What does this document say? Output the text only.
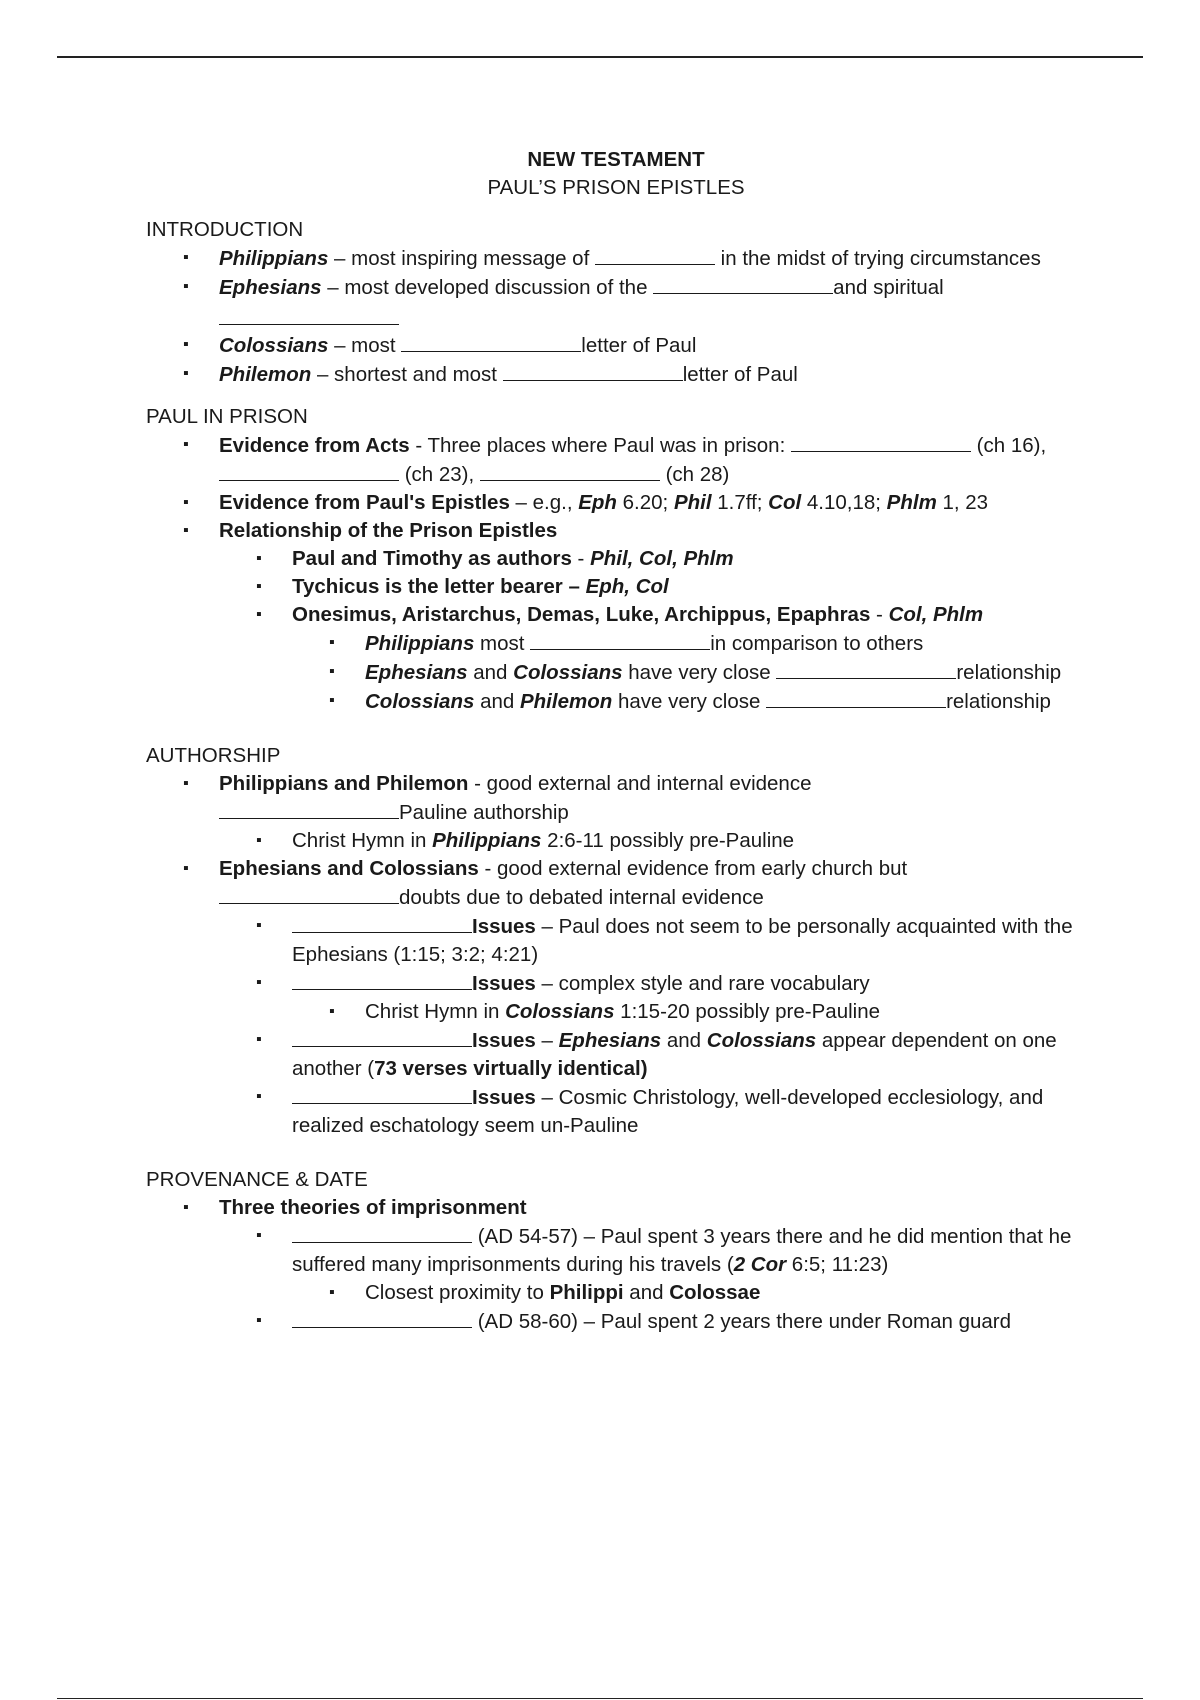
NEW TESTAMENT
PAUL’S PRISON EPISTLES
INTRODUCTION
▪ Philippians – most inspiring message of	in the midst of trying circumstances
▪ Ephesians – most developed discussion of the	and spiritual
▪ Colossians – most	letter of Paul
▪ Philemon – shortest and most	letter of Paul
PAUL IN PRISON
▪ Evidence from Acts - Three places where Paul was in prison:	(ch 16),
(ch 23),	(ch 28)
▪ Evidence from Paul's Epistles – e.g., Eph 6.20; Phil 1.7ff; Col 4.10,18; Phlm 1, 23
▪ Relationship of the Prison Epistles
▪ Paul and Timothy as authors - Phil, Col, Phlm
▪ Tychicus is the letter bearer – Eph, Col
▪ Onesimus, Aristarchus, Demas, Luke, Archippus, Epaphras - Col, Phlm
▪ Philippians most	in comparison to others
▪ Ephesians and Colossians have very close	relationship
▪ Colossians and Philemon have very close	relationship
AUTHORSHIP
▪ Philippians and Philemon - good external and internal evidence
Pauline authorship
▪ Christ Hymn in Philippians 2:6-11 possibly pre-Pauline
▪ Ephesians and Colossians - good external evidence from early church but
doubts due to debated internal evidence
▪ Issues – Paul does not seem to be personally acquainted with the Ephesians (1:15; 3:2; 4:21)
▪ Issues – complex style and rare vocabulary
▪ Christ Hymn in Colossians 1:15-20 possibly pre-Pauline
▪ Issues – Ephesians and Colossians appear dependent on one another (73 verses virtually identical)
▪ Issues – Cosmic Christology, well-developed ecclesiology, and realized eschatology seem un-Pauline
PROVENANCE & DATE
▪ Three theories of imprisonment
▪ (AD 54-57) – Paul spent 3 years there and he did mention that he suffered many imprisonments during his travels (2 Cor 6:5; 11:23)
▪ Closest proximity to Philippi and Colossae
▪ (AD 58-60) – Paul spent 2 years there under Roman guard
